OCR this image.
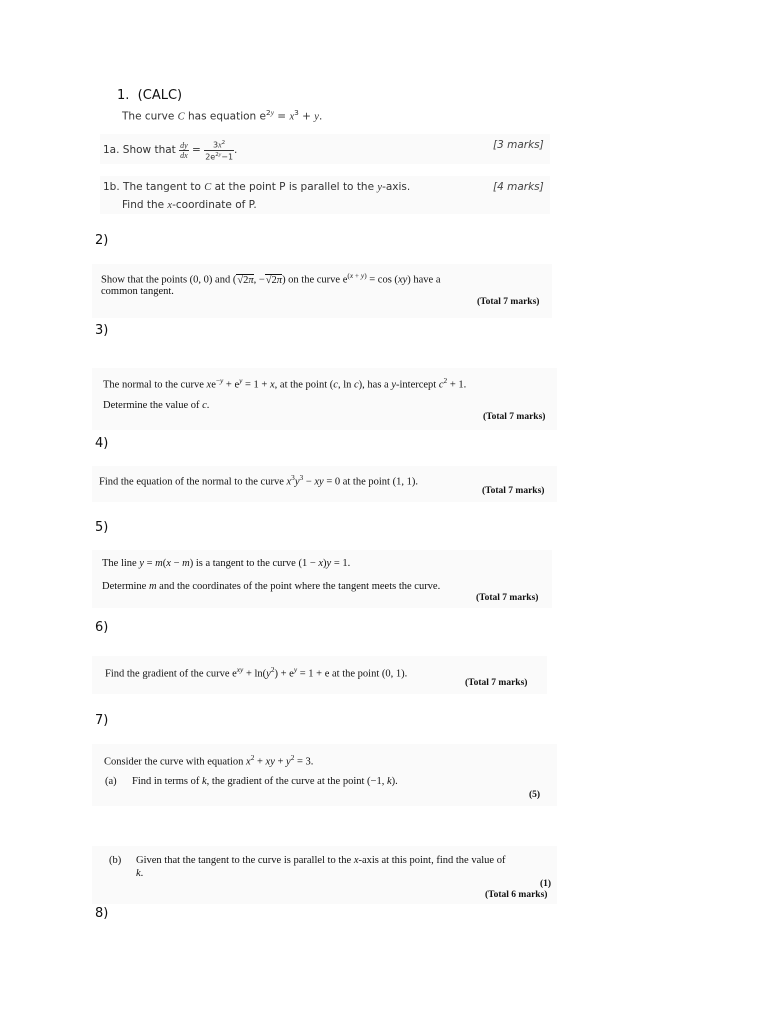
1. (CALC)
The curve C has equation $e^{2y} = x^3 + y$.
1a. Show that $\frac{dy}{dx} = \frac{3x^2}{2e^{2y}-1}$ .	[3 marks]
1b. The tangent to C at the point P is parallel to the y-axis.
Find the x-coordinate of P.
[4 marks]
2)
Show that the points (0, 0) and (√2π, −√2π) on the curve $e^{(x + y)} = \cos (xy)$ have a
common tangent.
(Total 7 marks)
3)
The normal to the curve $xe^{-y} + e^y = 1 + x$, at the point (c, ln c), has a y-intercept $c^2 + 1$.
Determine the value of c.
(Total 7 marks)
4)
Find the equation of the normal to the curve $x^3y^3$ − xy = 0 at the point (1, 1).
(Total 7 marks)
5)
The line y = m(x − m) is a tangent to the curve (1 − x)y = 1.
Determine m and the coordinates of the point where the tangent meets the curve.
(Total 7 marks)
6)
Find the gradient of the curve $e^{xy} + \ln(y^2) + e^y = 1 + e$ at the point (0, 1).
(Total 7 marks)
7)
Consider the curve with equation $x^2$ + xy + $y^2 = 3$.
(a) Find in terms of k, the gradient of the curve at the point (−1, k).
(5)
(b) Given that the tangent to the curve is parallel to the x-axis at this point, find the value of
k.
(1)
(Total 6 marks)
8)
